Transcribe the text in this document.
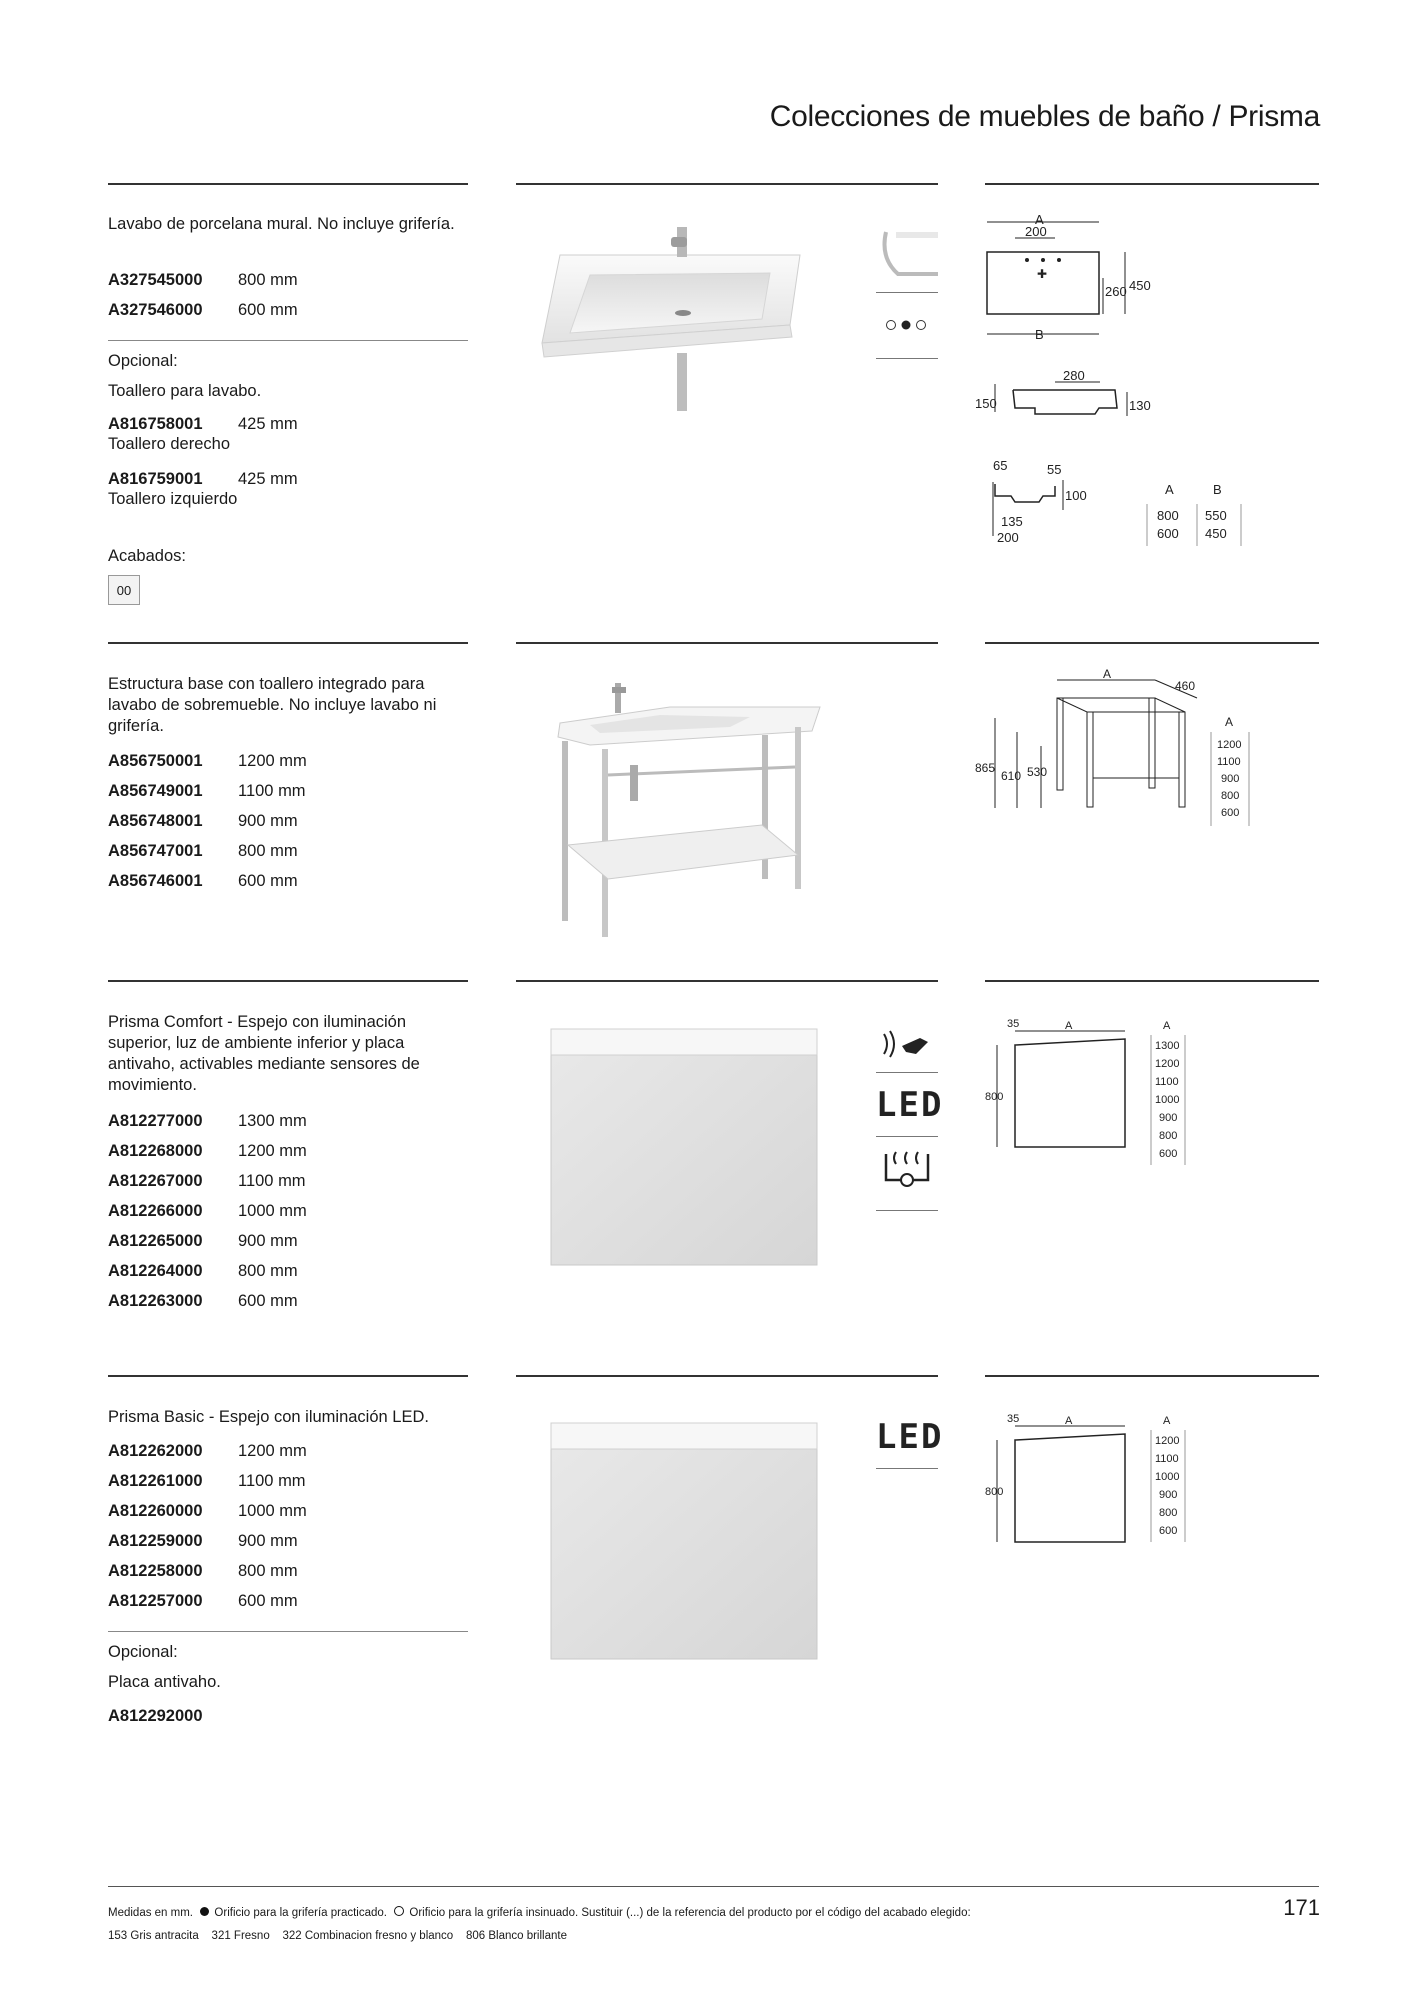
Colecciones de muebles de baño / Prisma
Lavabo de porcelana mural. No incluye grifería.
A327545000	800 mm
A327546000	600 mm
Opcional:
Toallero para lavabo.
A816758001	425 mm
Toallero derecho
A816759001	425 mm
Toallero izquierdo
Acabados:
00
A
200
✚
260 450
B
280
150	130
65	55
100
135
200
A	B
800 550
600 450
Estructura base con toallero integrado para lavabo de sobremueble. No incluye lavabo ni grifería.
A856750001	1200 mm
A856749001	1100 mm
A856748001	900 mm
A856747001	800 mm
A856746001	600 mm
A
460
865
610 530
A
1200
1100
900
800
600
Prisma Comfort - Espejo con iluminación superior, luz de ambiente inferior y placa antivaho, activables mediante sensores de movimiento.
A812277000	1300 mm
A812268000	1200 mm
A812267000	1100 mm
A812266000	1000 mm
A812265000	900 mm
A812264000	800 mm
A812263000	600 mm
LED
35	A
800
A
1300
1200
1100
1000
900
800
600
Prisma Basic - Espejo con iluminación LED.
A812262000	1200 mm
A812261000	1100 mm
A812260000	1000 mm
A812259000	900 mm
A812258000	800 mm
A812257000	600 mm
Opcional:
Placa antivaho.
A812292000
LED	35	A
800
A
1200
1100
1000
900
800
600
Medidas en mm. Orificio para la grifería practicado. Orificio para la grifería insinuado. Sustituir (...) de la referencia del producto por el código del acabado elegido:
153 Gris antracita    321 Fresno    322 Combinacion fresno y blanco    806 Blanco brillante
171
